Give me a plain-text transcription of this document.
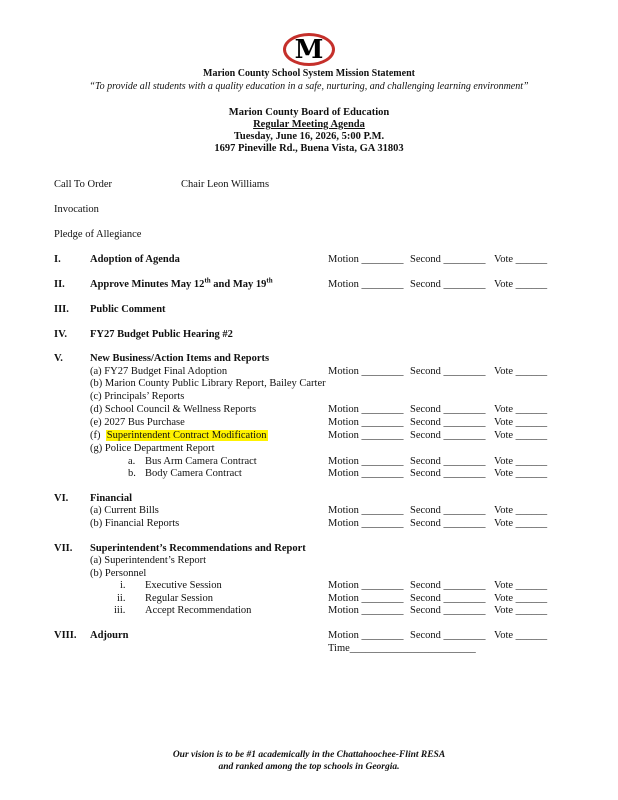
M
Marion County School System Mission Statement
“To provide all students with a quality education in a safe, nurturing, and challenging learning environment”
Marion County Board of Education
Regular Meeting Agenda
Tuesday, June 16, 2026, 5:00 P.M.
1697 Pineville Rd., Buena Vista, GA 31803
Call To Order	Chair Leon Williams
Invocation
Pledge of Allegiance
I.	Adoption of Agenda	Motion ________ Second ________ Vote ______
II. Approve Minutes May 12th and May 19th	Motion ________ Second ________ Vote ______
III. Public Comment
IV. FY27 Budget Public Hearing #2
V.	New Business/Action Items and Reports
(a) FY27 Budget Final Adoption	Motion ________ Second ________ Vote ______
(b) Marion County Public Library Report, Bailey Carter
(c) Principals’ Reports
(d) School Council & Wellness Reports	Motion ________ Second ________ Vote ______
(e) 2027 Bus Purchase	Motion ________ Second ________ Vote ______
(f) Superintendent Contract Modification	Motion ________ Second ________ Vote ______
(g) Police Department Report
a. Bus Arm Camera Contract	Motion ________ Second ________ Vote ______
b. Body Camera Contract	Motion ________ Second ________ Vote ______
VI. Financial
(a) Current Bills	Motion ________ Second ________ Vote ______
(b) Financial Reports	Motion ________ Second ________ Vote ______
VII. Superintendent’s Recommendations and Report
(a) Superintendent’s Report
(b) Personnel
i. Executive Session	Motion ________ Second ________ Vote ______
ii. Regular Session	Motion ________ Second ________ Vote ______
iii. Accept Recommendation	Motion ________ Second ________ Vote ______
VIII. Adjourn	Motion ________ Second ________ Vote ______
Time________________________
Our vision is to be #1 academically in the Chattahoochee-Flint RESA
and ranked among the top schools in Georgia.
